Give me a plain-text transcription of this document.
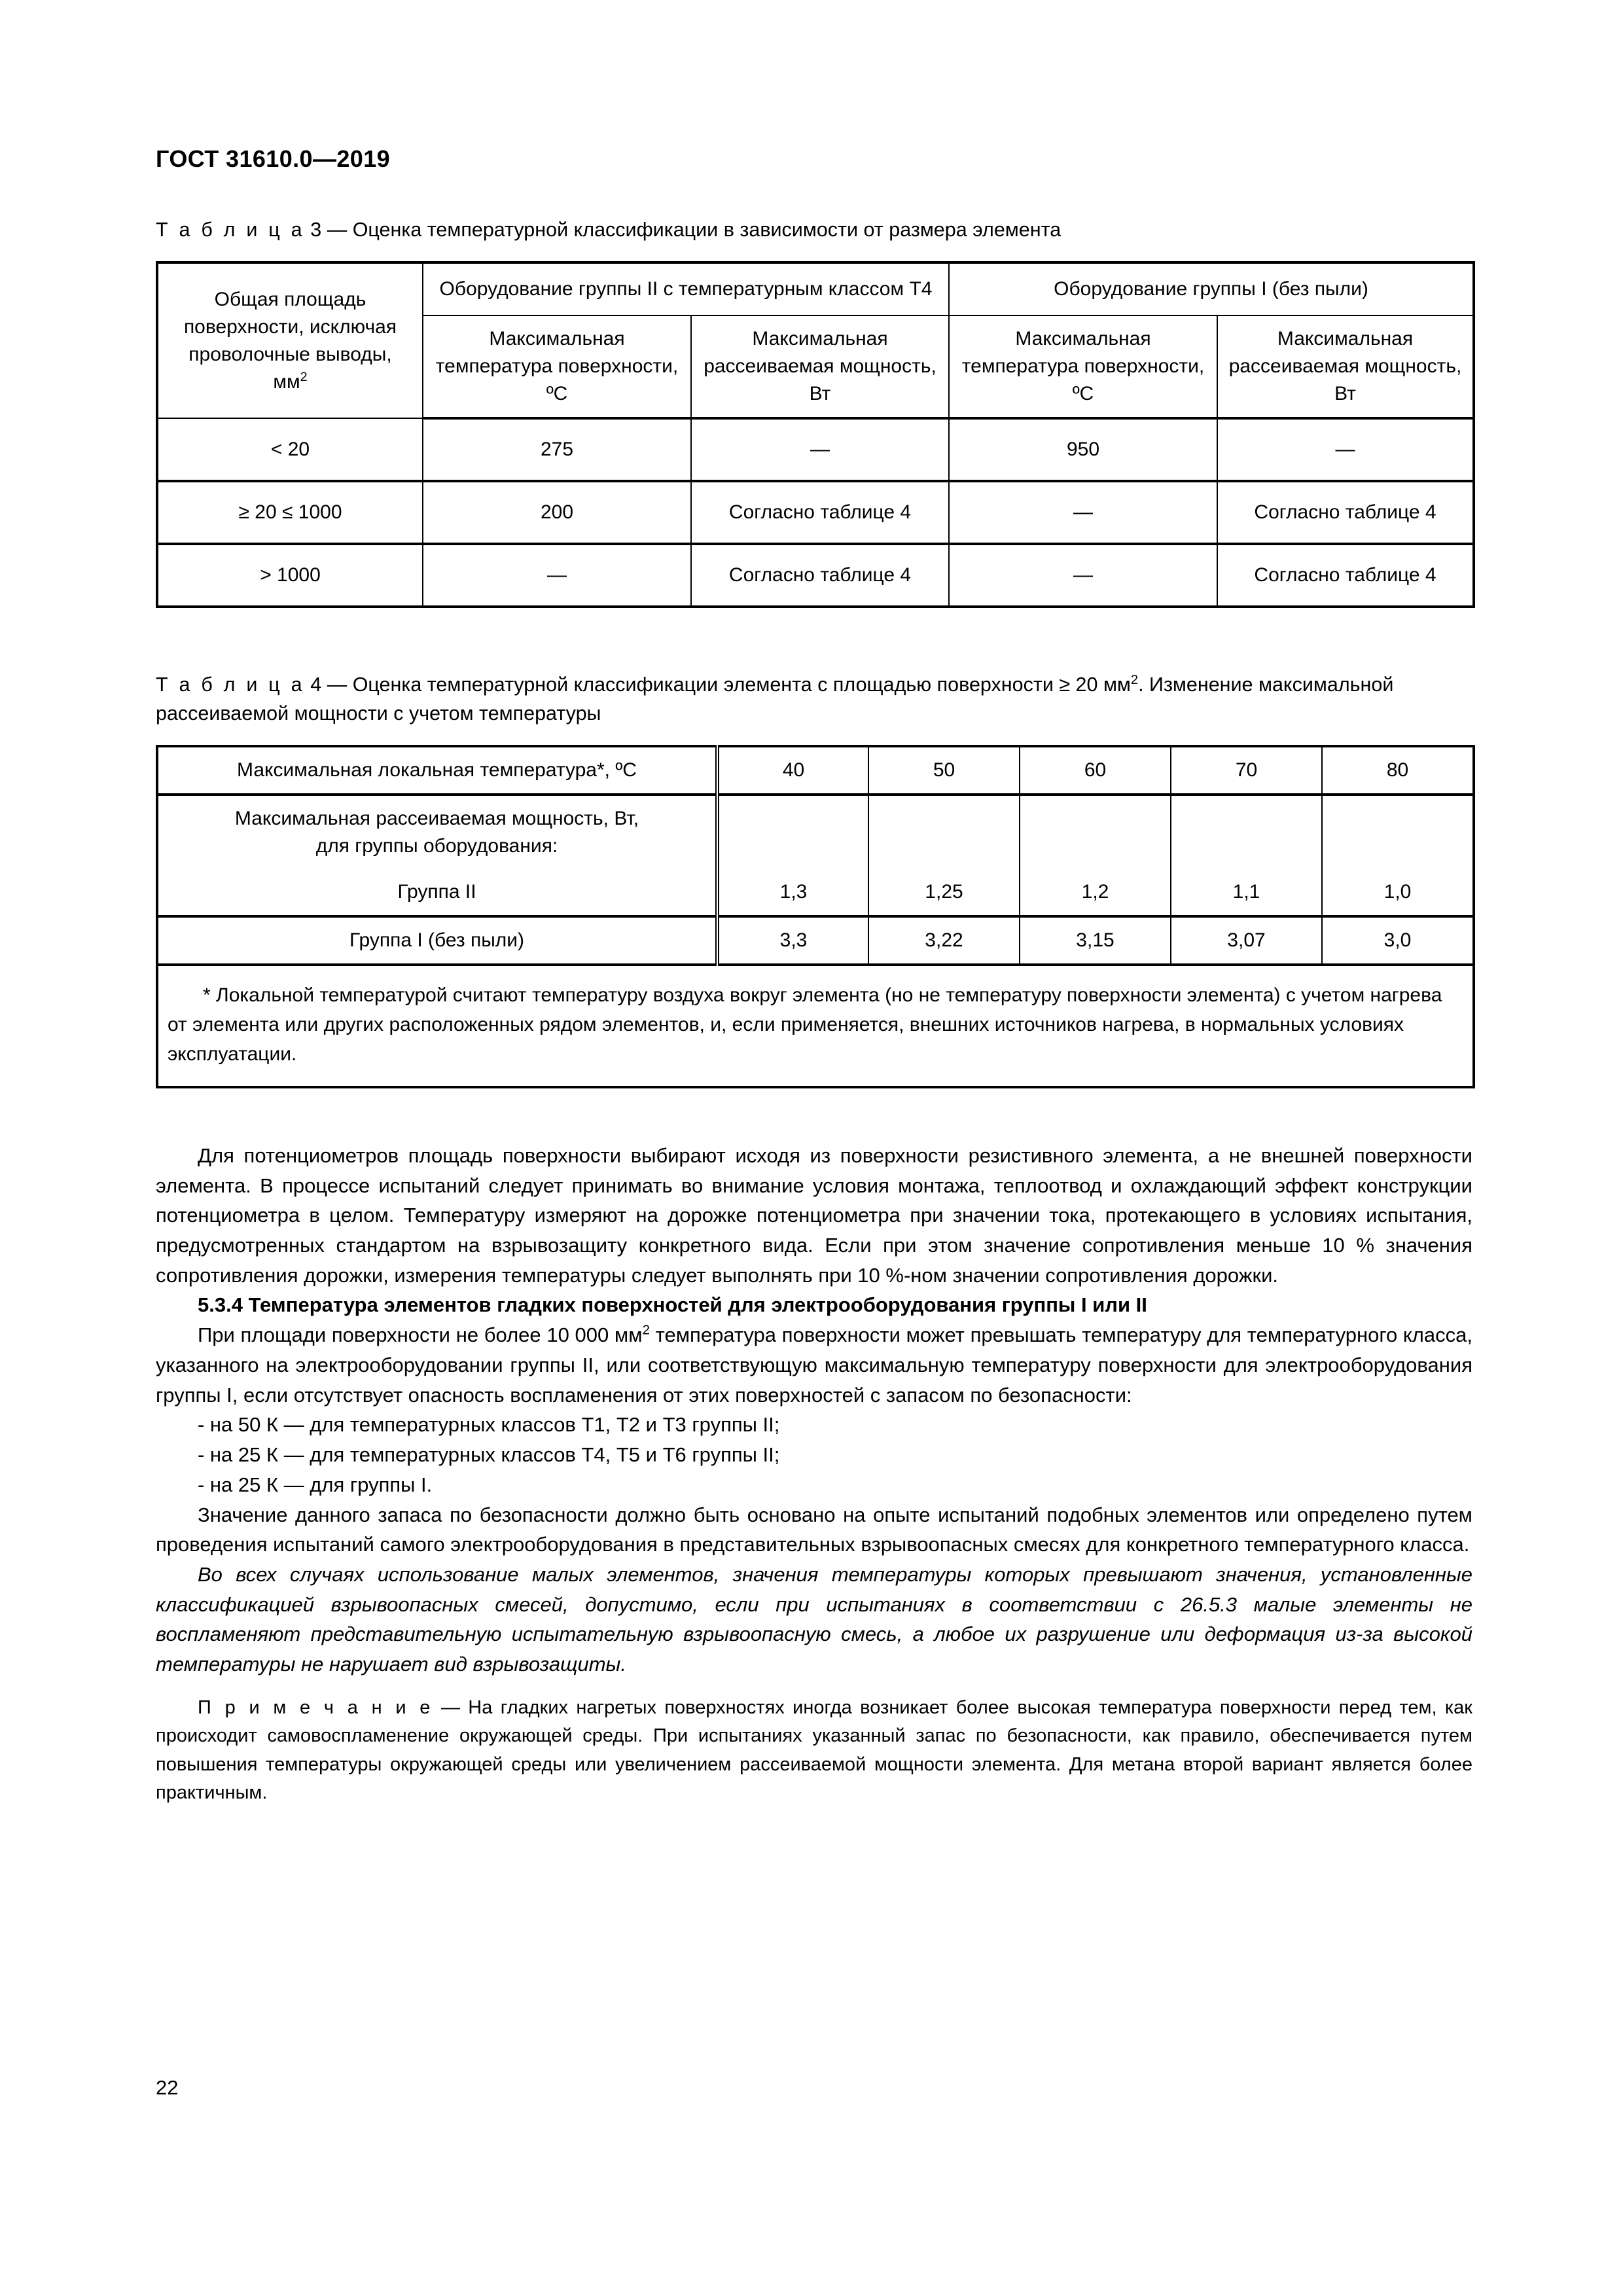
ГОСТ 31610.0—2019

Т а б л и ц а 3 — Оценка температурной классификации в зависимости от размера элемента

Общая площадь поверхности, исключая проволочные выводы, $мм^2$	Оборудование группы II с температурным классом Т4		Оборудование группы I (без пыли)	
	Максимальная температура поверхности, ºС	Максимальная рассеиваемая мощность, Вт	Максимальная температура поверхности, ºС	Максимальная рассеиваемая мощность, Вт
< 20	275	—	950	—
≥ 20 ≤ 1000	200	Согласно таблице 4	—	Согласно таблице 4
> 1000	—	Согласно таблице 4	—	Согласно таблице 4

Т а б л и ц а 4 — Оценка температурной классификации элемента с площадью поверхности ≥ 20 $мм^2$. Изменение максимальной рассеиваемой мощности с учетом температуры

Максимальная локальная температура*, ºС	40	50	60	70	80
Максимальная рассеиваемая мощность, Вт,
для группы оборудования:					
Группа II	1,3	1,25	1,2	1,1	1,0
Группа I (без пыли)	3,3	3,22	3,15	3,07	3,0
* Локальной температурой считают температуру воздуха вокруг элемента (но не температуру поверхности элемента) с учетом нагрева от элемента или других расположенных рядом элементов, и, если применяется, внешних источников нагрева, в нормальных условиях эксплуатации.					

Для потенциометров площадь поверхности выбирают исходя из поверхности резистивного элемента, а не внешней поверхности элемента. В процессе испытаний следует принимать во внимание условия монтажа, теплоотвод и охлаждающий эффект конструкции потенциометра в целом. Температуру измеряют на дорожке потенциометра при значении тока, протекающего в условиях испытания, предусмотренных стандартом на взрывозащиту конкретного вида. Если при этом значение сопротивления меньше 10 % значения сопротивления дорожки, измерения температуры следует выполнять при 10 %-ном значении сопротивления дорожки.

5.3.4 Температура элементов гладких поверхностей для электрооборудования группы I или II

При площади поверхности не более 10 000 $мм^2$ температура поверхности может превышать температуру для температурного класса, указанного на электрооборудовании группы II, или соответствующую максимальную температуру поверхности для электрооборудования группы I, если отсутствует опасность воспламенения от этих поверхностей с запасом по безопасности:

- на 50 К — для температурных классов Т1, Т2 и Т3 группы II;

- на 25 К — для температурных классов Т4, Т5 и Т6 группы II;

- на 25 К — для группы I.

Значение данного запаса по безопасности должно быть основано на опыте испытаний подобных элементов или определено путем проведения испытаний самого электрооборудования в представительных взрывоопасных смесях для конкретного температурного класса.

Во всех случаях использование малых элементов, значения температуры которых превышают значения, установленные классификацией взрывоопасных смесей, допустимо, если при испытаниях в соответствии с 26.5.3 малые элементы не воспламеняют представительную испытательную взрывоопасную смесь, а любое их разрушение или деформация из-за высокой температуры не нарушает вид взрывозащиты.

П р и м е ч а н и е — На гладких нагретых поверхностях иногда возникает более высокая температура поверхности перед тем, как происходит самовоспламенение окружающей среды. При испытаниях указанный запас по безопасности, как правило, обеспечивается путем повышения температуры окружающей среды или увеличением рассеиваемой мощности элемента. Для метана второй вариант является более практичным.

22
